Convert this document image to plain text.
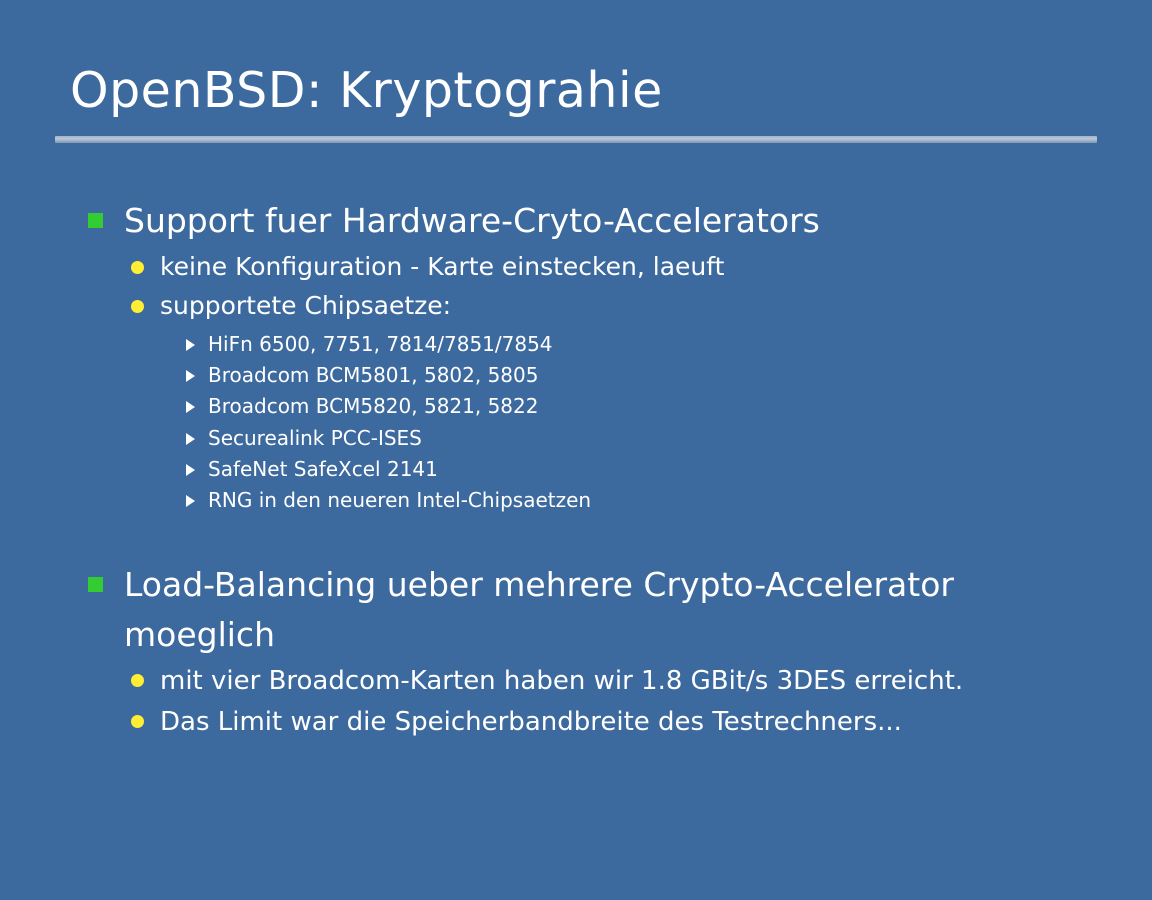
OpenBSD: Kryptograhie
Support fuer Hardware-Cryto-Accelerators
keine Konfiguration - Karte einstecken, laeuft
supportete Chipsaetze:
HiFn 6500, 7751, 7814/7851/7854
Broadcom BCM5801, 5802, 5805
Broadcom BCM5820, 5821, 5822
Securealink PCC-ISES
SafeNet SafeXcel 2141
RNG in den neueren Intel-Chipsaetzen
Load-Balancing ueber mehrere Crypto-Accelerator moeglich
mit vier Broadcom-Karten haben wir 1.8 GBit/s 3DES erreicht.
Das Limit war die Speicherbandbreite des Testrechners...
